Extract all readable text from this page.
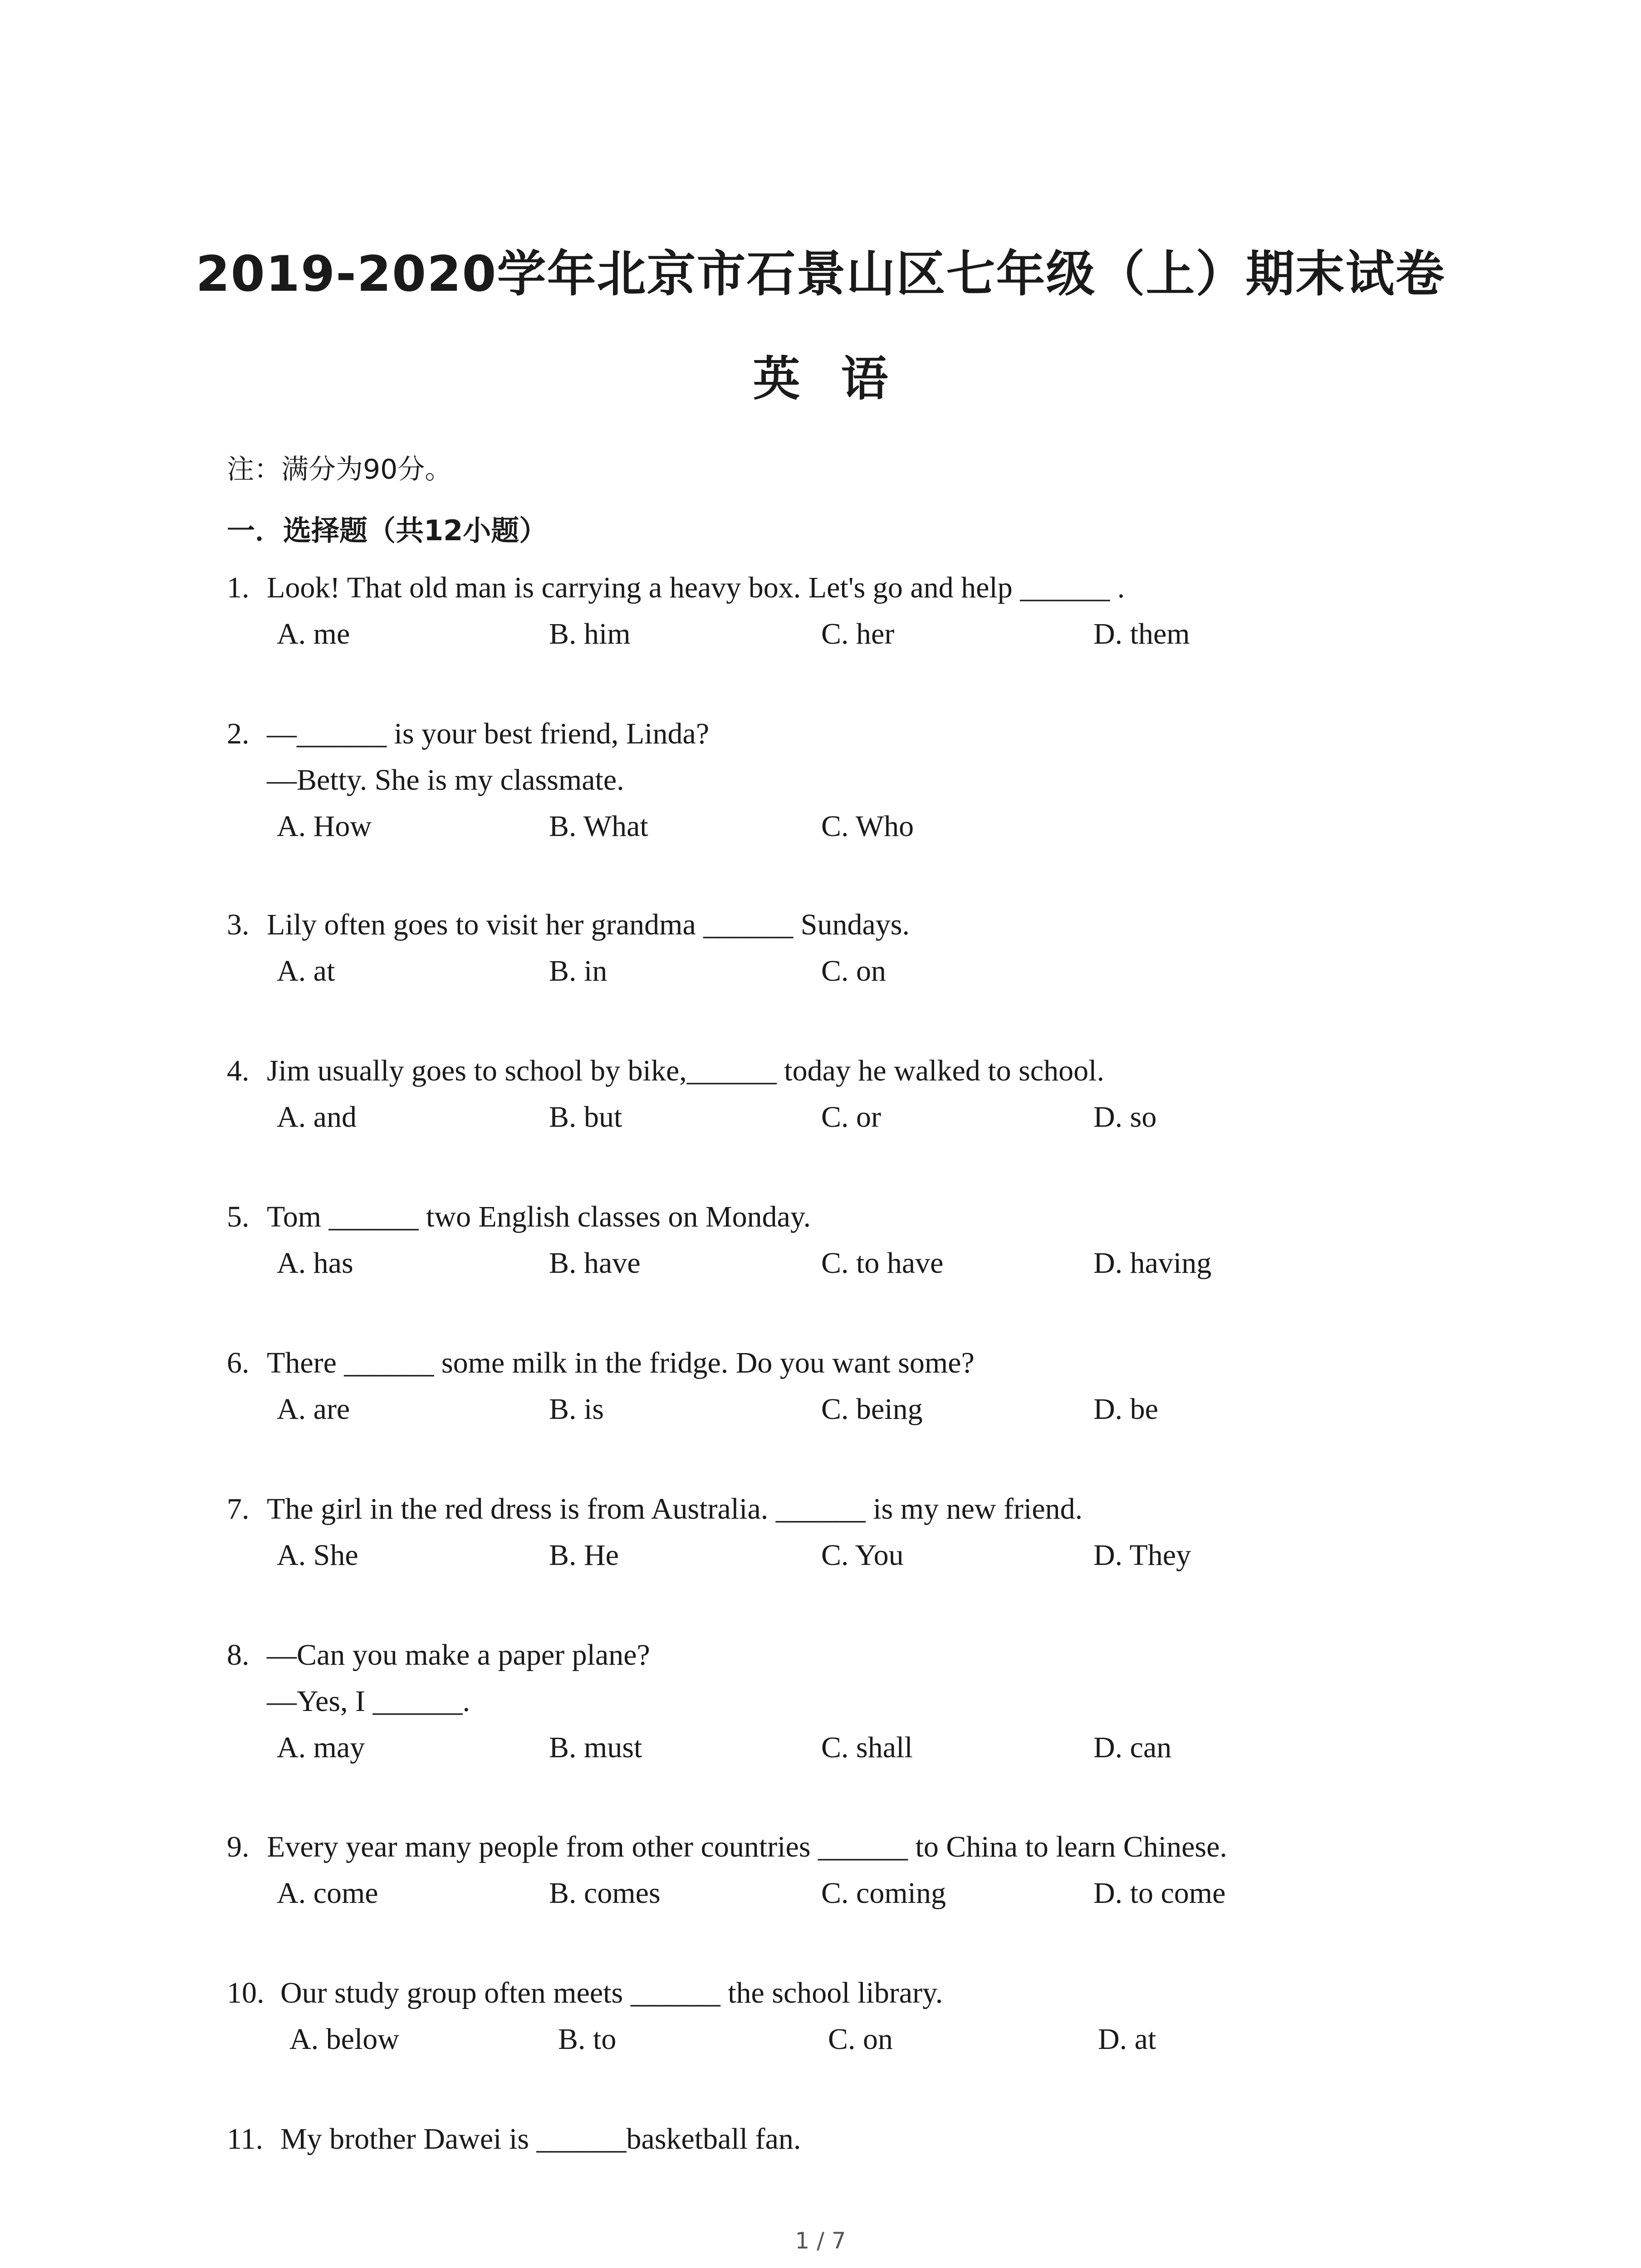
2019-2020学年北京市石景山区七年级（上）期末试卷
英语
注：满分为90分。
一．选择题（共12小题）
1. Look! That old man is carrying a heavy box. Let's go and help ______ .
A. me	B. him	C. her	D. them
2. —______ is your best friend, Linda?
—Betty. She is my classmate.
A. How	B. What	C. Who
3. Lily often goes to visit her grandma ______ Sundays.
A. at	B. in	C. on
4. Jim usually goes to school by bike,______ today he walked to school.
A. and	B. but	C. or	D. so
5. Tom ______ two English classes on Monday.
A. has	B. have	C. to have	D. having
6. There ______ some milk in the fridge. Do you want some?
A. are	B. is	C. being	D. be
7. The girl in the red dress is from Australia. ______ is my new friend.
A. She	B. He	C. You	D. They
8. —Can you make a paper plane?
—Yes, I ______.
A. may	B. must	C. shall	D. can
9. Every year many people from other countries ______ to China to learn Chinese.
A. come	B. comes	C. coming	D. to come
10. Our study group often meets ______ the school library.
A. below	B. to	C. on	D. at
11. My brother Dawei is ______basketball fan.
1 / 7
